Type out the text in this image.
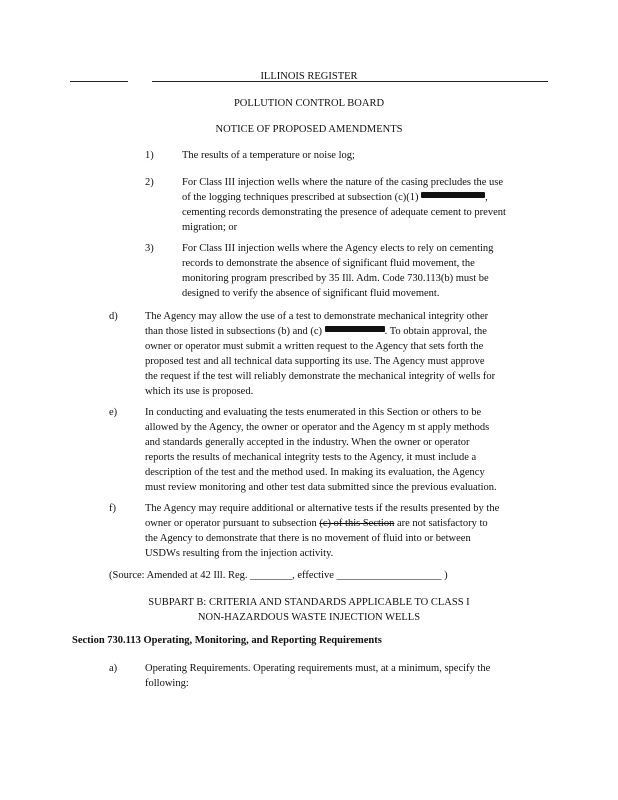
ILLINOIS REGISTER
POLLUTION CONTROL BOARD
NOTICE OF PROPOSED AMENDMENTS
1)	The results of a temperature or noise log;
2)	For Class III injection wells where the nature of the casing precludes the use

of the logging techniques prescribed at subsection (c)(1)	,

cementing records demonstrating the presence of adequate cement to prevent

migration; or

3)	For Class III injection wells where the Agency elects to rely on cementing

records to demonstrate the absence of significant fluid movement, the

monitoring program prescribed by 35 Ill. Adm. Code 730.113(b) must be

designed to verify the absence of significant fluid movement.

d)	The Agency may allow the use of a test to demonstrate mechanical integrity other

than those listed in subsections (b) and (c)	. To obtain approval, the

owner or operator must submit a written request to the Agency that sets forth the

proposed test and all technical data supporting its use. The Agency must approve

the request if the test will reliably demonstrate the mechanical integrity of wells for

which its use is proposed.

e)	In conducting and evaluating the tests enumerated in this Section or others to be

allowed by the Agency, the owner or operator and the Agency m st apply methods

and standards generally accepted in the industry. When the owner or operator

reports the results of mechanical integrity tests to the Agency, it must include a

description of the test and the method used. In making its evaluation, the Agency

must review monitoring and other test data submitted since the previous evaluation.

f)	The Agency may require additional or alternative tests if the results presented by the

owner or operator pursuant to subsection (c) of this Section are not satisfactory to

the Agency to demonstrate that there is no movement of fluid into or between

USDWs resulting from the injection activity.

(Source: Amended at 42 Ill. Reg. ________, effective ____________________ )
SUBPART B: CRITERIA AND STANDARDS APPLICABLE TO CLASS I
NON-HAZARDOUS WASTE INJECTION WELLS
Section 730.113 Operating, Monitoring, and Reporting Requirements
a)	Operating Requirements. Operating requirements must, at a minimum, specify the

following:
